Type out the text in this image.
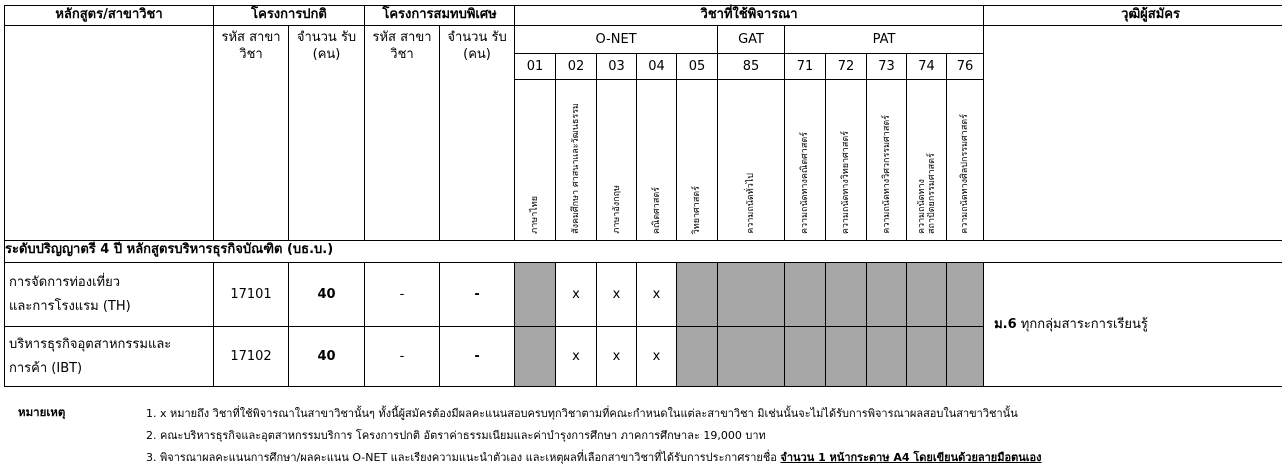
หลักสูตร/สาขาวิชา	โครงการปกติ		โครงการสมทบพิเศษ		วิชาที่ใช้พิจารณา											วุฒิผู้สมัคร
	รหัส สาขา วิชา	จำนวน รับ (คน)	รหัส สาขา วิชา	จำนวน รับ (คน)	O-NET					GAT	PAT					
					01	02	03	04	05	85	71	72	73	74	76	

					ภาษาไทย	สังคมศึกษา ศาสนาและวัฒนธรรม	ภาษาอังกฤษ	คณิตศาสตร์	วิทยาศาสตร์	ความถนัดทั่วไป	ความถนัดทางคณิตศาสตร์	ความถนัดทางวิทยาศาสตร์	ความถนัดทางวิศวกรรมศาสตร์	ความถนัดทาง สถาปัตยกรรมศาสตร์	ความถนัดทางศิลปกรรมศาสตร์	

ระดับปริญญาตรี 4 ปี หลักสูตรบริหารธุรกิจบัณฑิต (บธ.บ.)																
การจัดการท่องเที่ยว
และการโรงแรม (TH)	17101	40	-	-		x	x	x								ม.6 ทุกกลุ่มสาระการเรียนรู้
บริหารธุรกิจอุตสาหกรรมและ
การค้า (IBT)	17102	40	-	-		x	x	x								
หมายเหตุ	1. x หมายถึง วิชาที่ใช้พิจารณาในสาขาวิชานั้นๆ ทั้งนี้ผู้สมัครต้องมีผลคะแนนสอบครบทุกวิชาตามที่คณะกำหนดในแต่ละสาขาวิชา มิเช่นนั้นจะไม่ได้รับการพิจารณาผลสอบในสาขาวิชานั้น
2. คณะบริหารธุรกิจและอุตสาหกรรมบริการ โครงการปกติ อัตราค่าธรรมเนียมและค่าบำรุงการศึกษา ภาคการศึกษาละ 19,000 บาท
3. พิจารณาผลคะแนนการศึกษา/ผลคะแนน O-NET และเรียงความแนะนำตัวเอง และเหตุผลที่เลือกสาขาวิชาที่ได้รับการประกาศรายชื่อ จำนวน 1 หน้ากระดาษ A4 โดยเขียนด้วยลายมือตนเอง
